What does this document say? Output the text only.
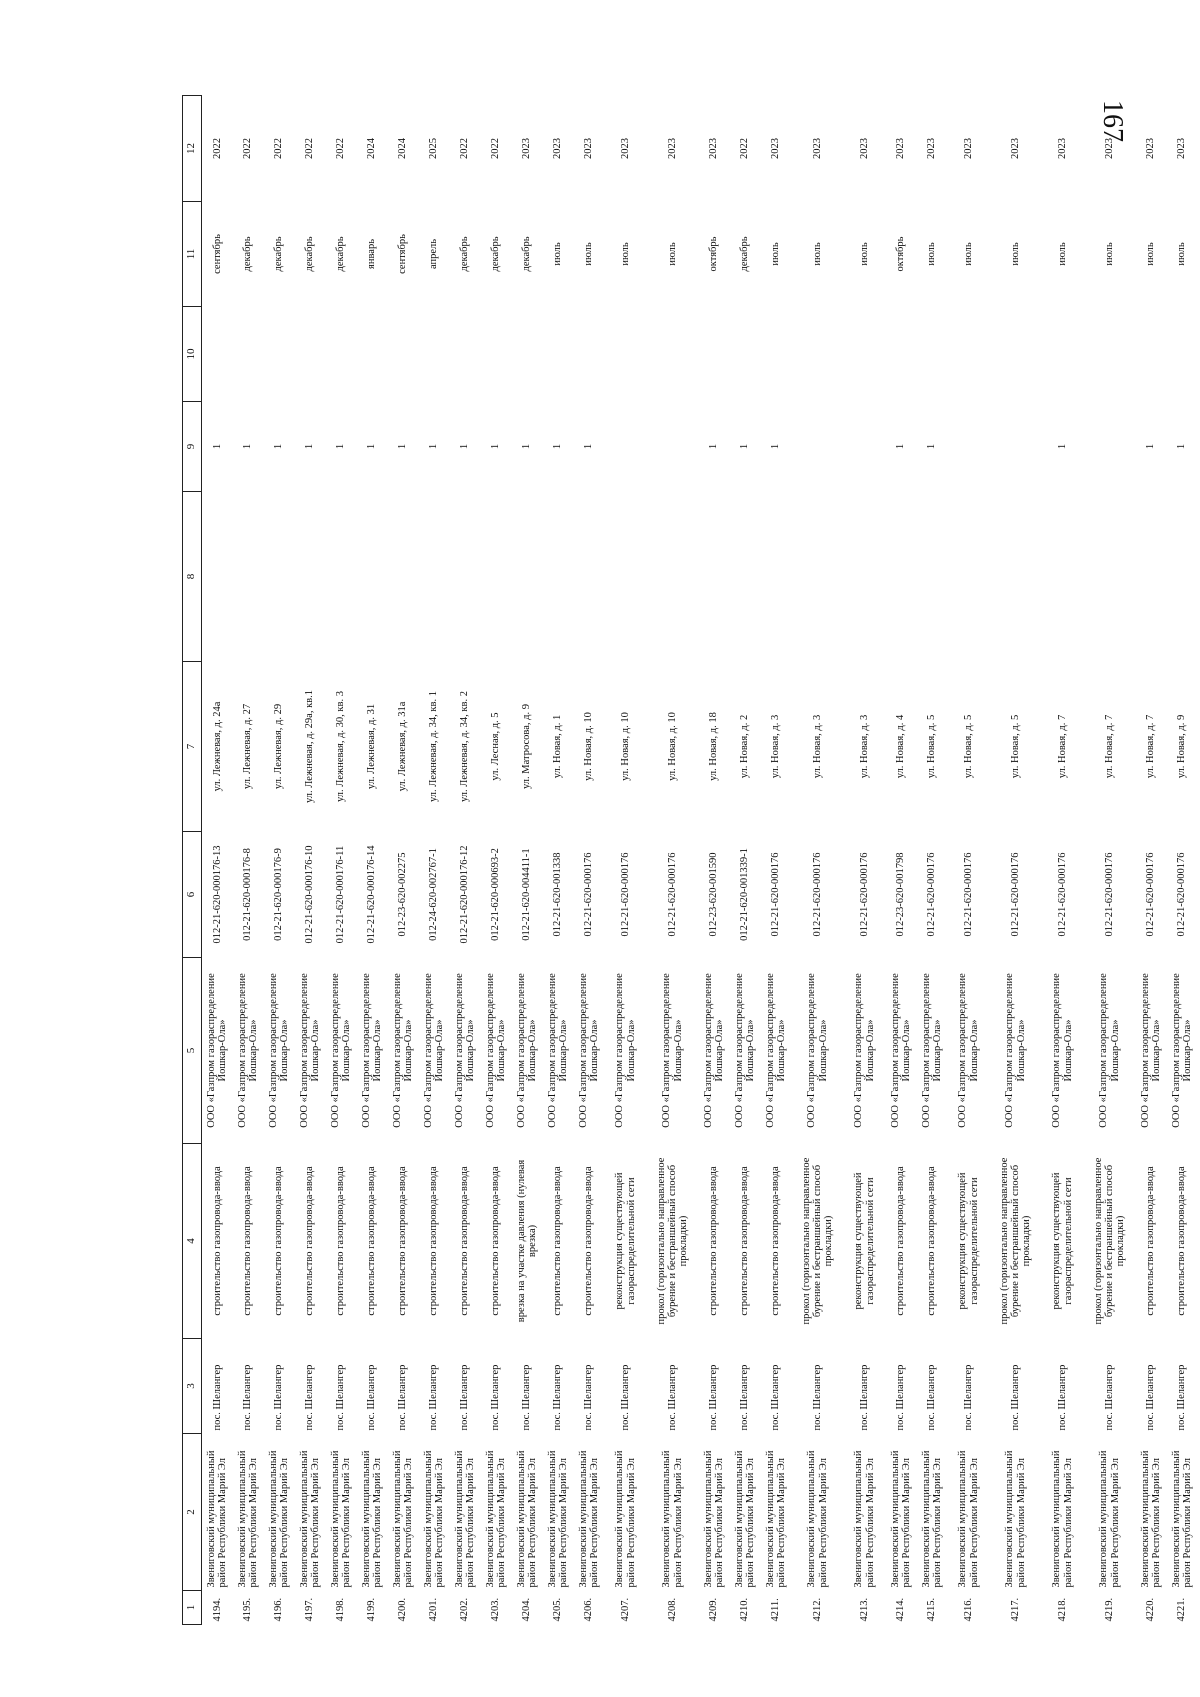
167
1	2	3	4	5	6	7	8	9	10	11	12
4194.	Звениговский муниципальный район Республики Марий Эл	пос. Шелангер	строительство газопровода-ввода	ООО «Газпром газораспределение Йошкар-Ола»	012-21-620-000176-13	ул. Лежневая, д. 24а		1		сентябрь	2022
4195.	Звениговский муниципальный район Республики Марий Эл	пос. Шелангер	строительство газопровода-ввода	ООО «Газпром газораспределение Йошкар-Ола»	012-21-620-000176-8	ул. Лежневая, д. 27		1		декабрь	2022
4196.	Звениговский муниципальный район Республики Марий Эл	пос. Шелангер	строительство газопровода-ввода	ООО «Газпром газораспределение Йошкар-Ола»	012-21-620-000176-9	ул. Лежневая, д. 29		1		декабрь	2022
4197.	Звениговский муниципальный район Республики Марий Эл	пос. Шелангер	строительство газопровода-ввода	ООО «Газпром газораспределение Йошкар-Ола»	012-21-620-000176-10	ул. Лежневая, д. 29а, кв.1		1		декабрь	2022
4198.	Звениговский муниципальный район Республики Марий Эл	пос. Шелангер	строительство газопровода-ввода	ООО «Газпром газораспределение Йошкар-Ола»	012-21-620-000176-11	ул. Лежневая, д. 30, кв. 3		1		декабрь	2022
4199.	Звениговский муниципальный район Республики Марий Эл	пос. Шелангер	строительство газопровода-ввода	ООО «Газпром газораспределение Йошкар-Ола»	012-21-620-000176-14	ул. Лежневая, д. 31		1		январь	2024
4200.	Звениговский муниципальный район Республики Марий Эл	пос. Шелангер	строительство газопровода-ввода	ООО «Газпром газораспределение Йошкар-Ола»	012-23-620-002275	ул. Лежневая, д. 31а		1		сентябрь	2024
4201.	Звениговский муниципальный район Республики Марий Эл	пос. Шелангер	строительство газопровода-ввода	ООО «Газпром газораспределение Йошкар-Ола»	012-24-620-002767-1	ул. Лежневая, д. 34, кв. 1		1		апрель	2025
4202.	Звениговский муниципальный район Республики Марий Эл	пос. Шелангер	строительство газопровода-ввода	ООО «Газпром газораспределение Йошкар-Ола»	012-21-620-000176-12	ул. Лежневая, д. 34, кв. 2		1		декабрь	2022
4203.	Звениговский муниципальный район Республики Марий Эл	пос. Шелангер	строительство газопровода-ввода	ООО «Газпром газораспределение Йошкар-Ола»	012-21-620-000693-2	ул. Лесная, д. 5		1		декабрь	2022
4204.	Звениговский муниципальный район Республики Марий Эл	пос. Шелангер	врезка на участке давления (нулевая врезка)	ООО «Газпром газораспределение Йошкар-Ола»	012-21-620-004411-1	ул. Матросова, д. 9		1		декабрь	2023
4205.	Звениговский муниципальный район Республики Марий Эл	пос. Шелангер	строительство газопровода-ввода	ООО «Газпром газораспределение Йошкар-Ола»	012-21-620-001338	ул. Новая, д. 1		1		июль	2023
4206.	Звениговский муниципальный район Республики Марий Эл	пос. Шелангер	строительство газопровода-ввода	ООО «Газпром газораспределение Йошкар-Ола»	012-21-620-000176	ул. Новая, д. 10		1		июль	2023
4207.	Звениговский муниципальный район Республики Марий Эл	пос. Шелангер	реконструкция существующей газораспределительной сети	ООО «Газпром газораспределение Йошкар-Ола»	012-21-620-000176	ул. Новая, д. 10				июль	2023
4208.	Звениговский муниципальный район Республики Марий Эл	пос. Шелангер	прокол (горизонтально направленное бурение и бестраншейный способ прокладки)	ООО «Газпром газораспределение Йошкар-Ола»	012-21-620-000176	ул. Новая, д. 10				июль	2023
4209.	Звениговский муниципальный район Республики Марий Эл	пос. Шелангер	строительство газопровода-ввода	ООО «Газпром газораспределение Йошкар-Ола»	012-23-620-001590	ул. Новая, д. 18		1		октябрь	2023
4210.	Звениговский муниципальный район Республики Марий Эл	пос. Шелангер	строительство газопровода-ввода	ООО «Газпром газораспределение Йошкар-Ола»	012-21-620-001339-1	ул. Новая, д. 2		1		декабрь	2022
4211.	Звениговский муниципальный район Республики Марий Эл	пос. Шелангер	строительство газопровода-ввода	ООО «Газпром газораспределение Йошкар-Ола»	012-21-620-000176	ул. Новая, д. 3		1		июль	2023
4212.	Звениговский муниципальный район Республики Марий Эл	пос. Шелангер	прокол (горизонтально направленное бурение и бестраншейный способ прокладки)	ООО «Газпром газораспределение Йошкар-Ола»	012-21-620-000176	ул. Новая, д. 3				июль	2023
4213.	Звениговский муниципальный район Республики Марий Эл	пос. Шелангер	реконструкция существующей газораспределительной сети	ООО «Газпром газораспределение Йошкар-Ола»	012-21-620-000176	ул. Новая, д. 3				июль	2023
4214.	Звениговский муниципальный район Республики Марий Эл	пос. Шелангер	строительство газопровода-ввода	ООО «Газпром газораспределение Йошкар-Ола»	012-23-620-001798	ул. Новая, д. 4		1		октябрь	2023
4215.	Звениговский муниципальный район Республики Марий Эл	пос. Шелангер	строительство газопровода-ввода	ООО «Газпром газораспределение Йошкар-Ола»	012-21-620-000176	ул. Новая, д. 5		1		июль	2023
4216.	Звениговский муниципальный район Республики Марий Эл	пос. Шелангер	реконструкция существующей газораспределительной сети	ООО «Газпром газораспределение Йошкар-Ола»	012-21-620-000176	ул. Новая, д. 5				июль	2023
4217.	Звениговский муниципальный район Республики Марий Эл	пос. Шелангер	прокол (горизонтально направленное бурение и бестраншейный способ прокладки)	ООО «Газпром газораспределение Йошкар-Ола»	012-21-620-000176	ул. Новая, д. 5				июль	2023
4218.	Звениговский муниципальный район Республики Марий Эл	пос. Шелангер	реконструкция существующей газораспределительной сети	ООО «Газпром газораспределение Йошкар-Ола»	012-21-620-000176	ул. Новая, д. 7		1		июль	2023
4219.	Звениговский муниципальный район Республики Марий Эл	пос. Шелангер	прокол (горизонтально направленное бурение и бестраншейный способ прокладки)	ООО «Газпром газораспределение Йошкар-Ола»	012-21-620-000176	ул. Новая, д. 7				июль	2023
4220.	Звениговский муниципальный район Республики Марий Эл	пос. Шелангер	строительство газопровода-ввода	ООО «Газпром газораспределение Йошкар-Ола»	012-21-620-000176	ул. Новая, д. 7		1		июль	2023
4221.	Звениговский муниципальный район Республики Марий Эл	пос. Шелангер	строительство газопровода-ввода	ООО «Газпром газораспределение Йошкар-Ола»	012-21-620-000176	ул. Новая, д. 9		1		июль	2023
